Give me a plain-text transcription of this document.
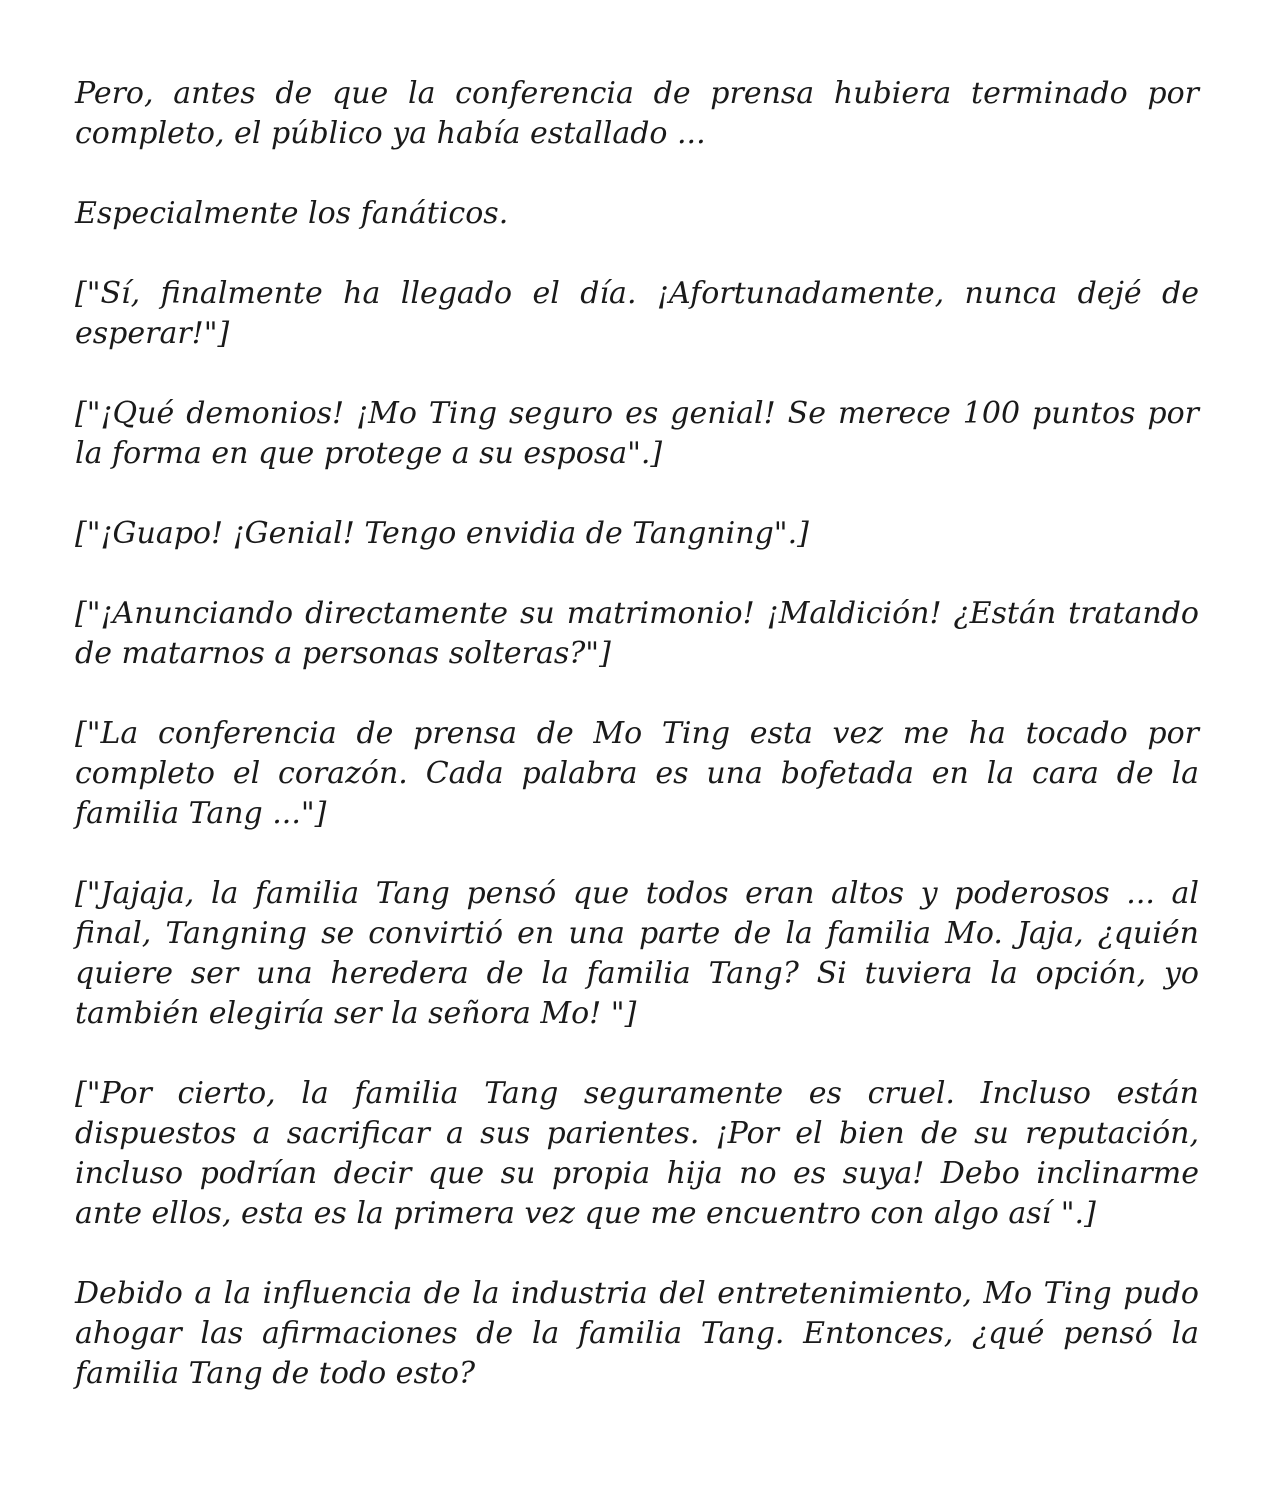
Pero, antes de que la conferencia de prensa hubiera terminado por completo, el público ya había estallado ...

Especialmente los fanáticos.

["Sí, finalmente ha llegado el día. ¡Afortunadamente, nunca dejé de esperar!"]

["¡Qué demonios! ¡Mo Ting seguro es genial! Se merece 100 puntos por la forma en que protege a su esposa".]

["¡Guapo! ¡Genial! Tengo envidia de Tangning".]

["¡Anunciando directamente su matrimonio! ¡Maldición! ¿Están tratando de matarnos a personas solteras?"]

["La conferencia de prensa de Mo Ting esta vez me ha tocado por completo el corazón. Cada palabra es una bofetada en la cara de la familia Tang ..."]

["Jajaja, la familia Tang pensó que todos eran altos y poderosos ... al final, Tangning se convirtió en una parte de la familia Mo. Jaja, ¿quién quiere ser una heredera de la familia Tang? Si tuviera la opción, yo también elegiría ser la señora Mo! "]

["Por cierto, la familia Tang seguramente es cruel. Incluso están dispuestos a sacrificar a sus parientes. ¡Por el bien de su reputación, incluso podrían decir que su propia hija no es suya! Debo inclinarme ante ellos, esta es la primera vez que me encuentro con algo así ".]

Debido a la influencia de la industria del entretenimiento, Mo Ting pudo ahogar las afirmaciones de la familia Tang. Entonces, ¿qué pensó la familia Tang de todo esto?
